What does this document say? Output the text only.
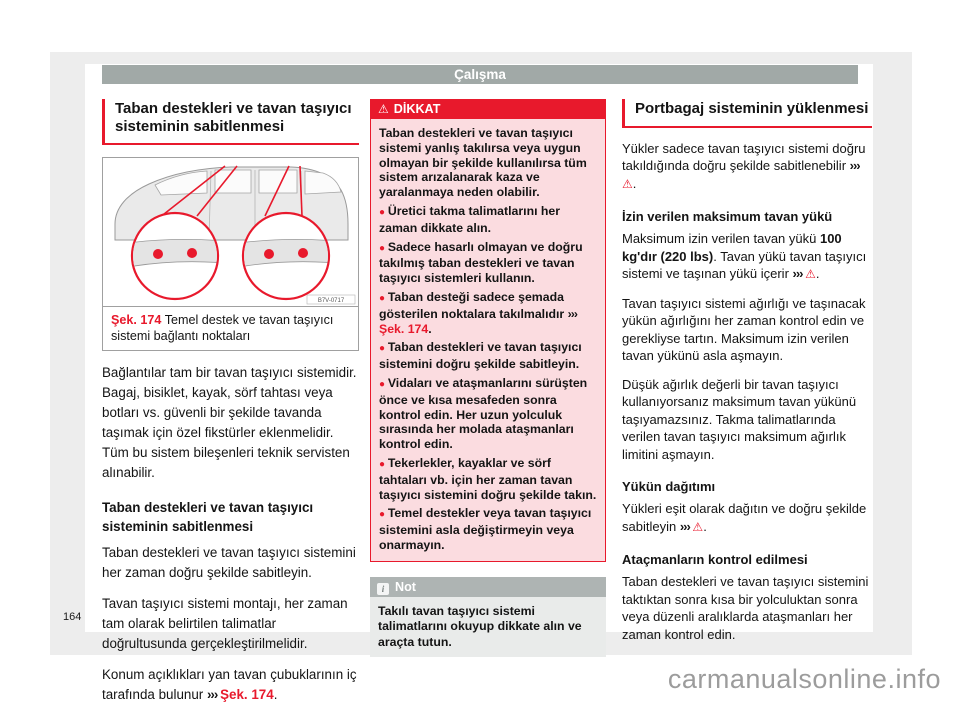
Çalışma
Taban destekleri ve tavan taşıyıcı sisteminin sabitlenmesi
B7V-0717
Şek. 174 Temel destek ve tavan taşıyıcı sistemi bağlantı noktaları

Bağlantılar tam bir tavan taşıyıcı sistemidir. Bagaj, bisiklet, kayak, sörf tahtası veya botları vs. güvenli bir şekilde tavanda taşımak için özel fikstürler eklenmelidir. Tüm bu sistem bileşenleri teknik servisten alınabilir.

Taban destekleri ve tavan taşıyıcı sisteminin sabitlenmesi

Taban destekleri ve tavan taşıyıcı sistemini her zaman doğru şekilde sabitleyin.

Tavan taşıyıcı sistemi montajı, her zaman tam olarak belirtilen talimatlar doğrultusunda gerçekleştirilmelidir.

Konum açıklıkları yan tavan çubuklarının iç tarafında bulunur ››› Şek. 174.

⚠ DİKKAT

Taban destekleri ve tavan taşıyıcı sistemi yanlış takılırsa veya uygun olmayan bir şekilde kullanılırsa tüm sistem arızalanarak kaza ve yaralanmaya neden olabilir.

● Üretici takma talimatlarını her zaman dikkate alın.

● Sadece hasarlı olmayan ve doğru takılmış taban destekleri ve tavan taşıyıcı sistemleri kullanın.

● Taban desteği sadece şemada gösterilen noktalara takılmalıdır ››› Şek. 174.

● Taban destekleri ve tavan taşıyıcı sistemini doğru şekilde sabitleyin.

● Vidaları ve ataşmanlarını sürüşten önce ve kısa mesafeden sonra kontrol edin. Her uzun yolculuk sırasında her molada ataşmanları kontrol edin.

● Tekerlekler, kayaklar ve sörf tahtaları vb. için her zaman tavan taşıyıcı sistemini doğru şekilde takın.

● Temel destekler veya tavan taşıyıcı sistemini asla değiştirmeyin veya onarmayın.

i Not
Takılı tavan taşıyıcı sistemi talimatlarını okuyup dikkate alın ve araçta tutun.
Portbagaj sisteminin yüklenmesi

Yükler sadece tavan taşıyıcı sistemi doğru takıldığında doğru şekilde sabitlenebilir ››› ⚠.

İzin verilen maksimum tavan yükü

Maksimum izin verilen tavan yükü 100 kg'dır (220 lbs). Tavan yükü tavan taşıyıcı sistemi ve taşınan yükü içerir ››› ⚠.

Tavan taşıyıcı sistemi ağırlığı ve taşınacak yükün ağırlığını her zaman kontrol edin ve gerekliyse tartın. Maksimum izin verilen tavan yükünü asla aşmayın.

Düşük ağırlık değerli bir tavan taşıyıcı kullanıyorsanız maksimum tavan yükünü taşıyamazsınız. Takma talimatlarında verilen tavan taşıyıcı maksimum ağırlık limitini aşmayın.

Yükün dağıtımı

Yükleri eşit olarak dağıtın ve doğru şekilde sabitleyin ››› ⚠.

Ataçmanların kontrol edilmesi

Taban destekleri ve tavan taşıyıcı sistemini taktıktan sonra kısa bir yolculuktan sonra veya düzenli aralıklarda ataşmanları her zaman kontrol edin.

164
carmanualsonline.info
